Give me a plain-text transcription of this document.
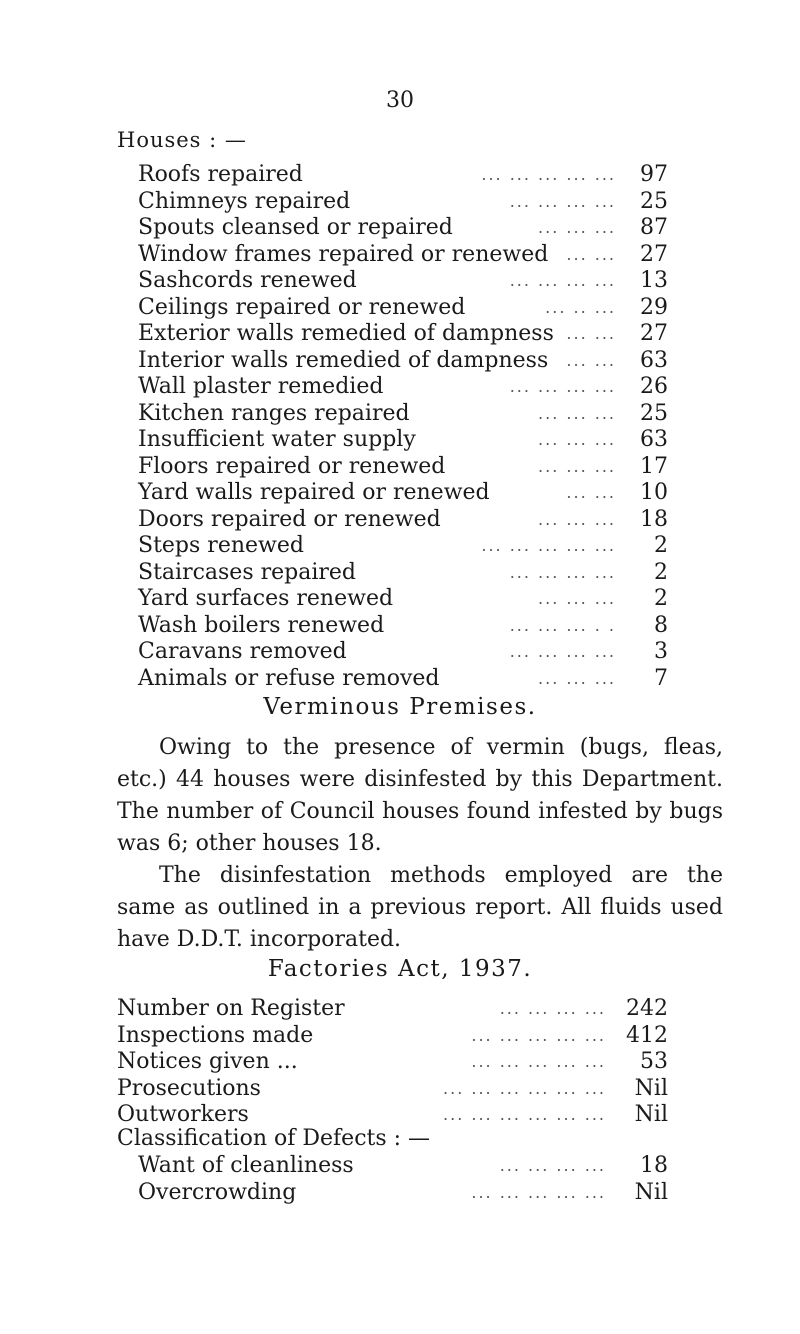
30
Houses : —
Roofs repaired	... ... ... ... ... 97
Chimneys repaired	... ... ... ... 25
Spouts cleansed or repaired	... ... ... 87
Window frames repaired or renewed ... ... 27
Sashcords renewed	... ... ... ... 13
Ceilings repaired or renewed	... .. ... 29
Exterior walls remedied of dampness ... ... 27
Interior walls remedied of dampness ... ... 63
Wall plaster remedied	... ... ... ... 26
Kitchen ranges repaired	... ... ... 25
Insufficient water supply	... ... ... 63
Floors repaired or renewed	... ... ... 17
Yard walls repaired or renewed	... ... 10
Doors repaired or renewed	... ... ... 18
Steps renewed	... ... ... ... ... 2
Staircases repaired	... ... ... ... 2
Yard surfaces renewed	... ... ... 2
Wash boilers renewed	... ... ... . . 8
Caravans removed	... ... ... ... 3
Animals or refuse removed	... ... ... 7
Verminous Premises.

Owing to the presence of vermin (bugs, fleas, etc.) 44 houses were disinfested by this Department. The number of Council houses found infested by bugs was 6; other houses 18.

The disinfestation methods employed are the same as outlined in a previous report. All fluids used have D.D.T. incorporated.

Factories Act, 1937.
Number on Register	... ... ... ... 242
Inspections made	... ... ... ... ... 412
Notices given ...	... ... ... ... ... 53
Prosecutions	... ... ... ... ... ... Nil
Outworkers	... ... ... ... ... ... Nil
Classification of Defects : —
Want of cleanliness	... ... ... ... 18
Overcrowding	... ... ... ... ... Nil
